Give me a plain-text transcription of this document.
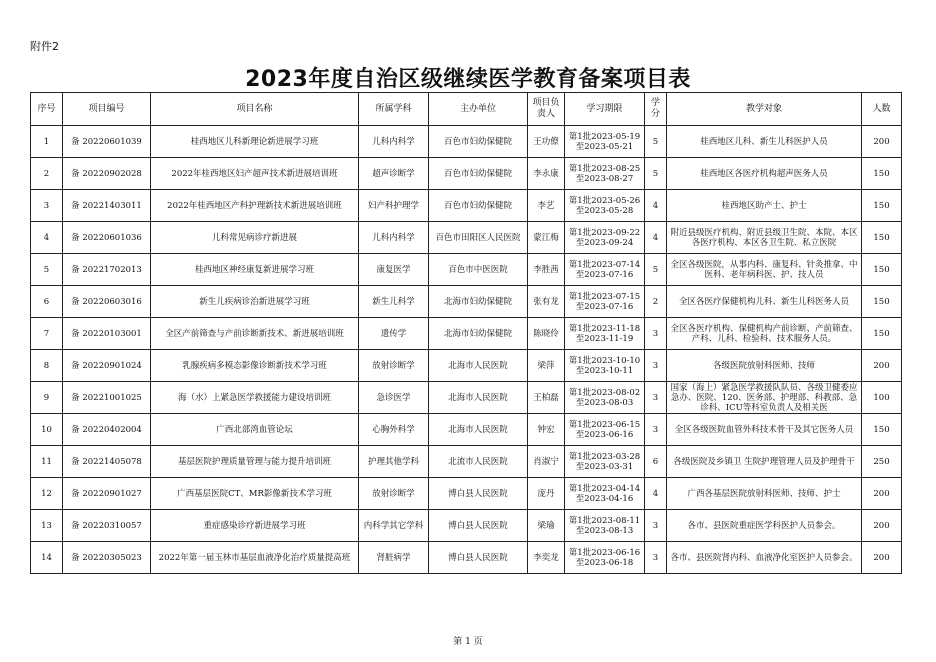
附件2
2023年度自治区级继续医学教育备案项目表
序号	项目编号	项目名称	所属学科	主办单位	项目负责人	学习期限	学分	教学对象	人数
1	备 20220601039	桂西地区儿科新理论新进展学习班	儿科内科学	百色市妇幼保健院	王功僚	第1批2023-05-19至2023-05-21	5	桂西地区儿科、新生儿科医护人员	200
2	备 20220902028	2022年桂西地区妇产超声技术新进展培训班	超声诊断学	百色市妇幼保健院	李永康	第1批2023-08-25至2023-08-27	5	桂西地区各医疗机构超声医务人员	150
3	备 20221403011	2022年桂西地区产科护理新技术新进展培训班	妇产科护理学	百色市妇幼保健院	李艺	第1批2023-05-26至2023-05-28	4	桂西地区助产士、护士	150
4	备 20220601036	儿科常见病诊疗新进展	儿科内科学	百色市田阳区人民医院	蒙江梅	第1批2023-09-22至2023-09-24	4	附近县级医疗机构、附近县级卫生院、本院、本区各医疗机构、本区各卫生院、私立医院	150
5	备 20221702013	桂西地区神经康复新进展学习班	康复医学	百色市中医医院	李胜茜	第1批2023-07-14至2023-07-16	5	全区各级医院，从事内科、康复科、针灸推拿、中医科、老年病科医、护、技人员	150
6	备 20220603016	新生儿疾病诊治新进展学习班	新生儿科学	北海市妇幼保健院	张有龙	第1批2023-07-15至2023-07-16	2	全区各医疗保健机构儿科、新生儿科医务人员	150
7	备 20220103001	全区产前筛查与产前诊断新技术、新进展培训班	遗传学	北海市妇幼保健院	陈晓伶	第1批2023-11-18至2023-11-19	3	全区各医疗机构、保健机构产前诊断、产前筛查、产科、儿科、检验科、技术服务人员。	150
8	备 20220901024	乳腺疾病多模态影像诊断新技术学习班	放射诊断学	北海市人民医院	梁萍	第1批2023-10-10至2023-10-11	3	各级医院放射科医师、技师	200
9	备 20221001025	海（水）上紧急医学救援能力建设培训班	急诊医学	北海市人民医院	王柏磊	第1批2023-08-02至2023-08-03	3	国家（海上）紧急医学救援队队员、各级卫健委应急办、医院、120、医务部、护理部、科教部、急诊科、ICU等科室负责人及相关医	100
10	备 20220402004	广西北部湾血管论坛	心胸外科学	北海市人民医院	钟宏	第1批2023-06-15至2023-06-16	3	全区各级医院血管外科技术骨干及其它医务人员	150
11	备 20221405078	基层医院护理质量管理与能力提升培训班	护理其他学科	北流市人民医院	肖淑宁	第1批2023-03-28至2023-03-31	6	各级医院及乡镇卫 生院护理管理人员及护理骨干	250
12	备 20220901027	广西基层医院CT、MR影像新技术学习班	放射诊断学	博白县人民医院	庞丹	第1批2023-04-14至2023-04-16	4	广西各基层医院放射科医师、技师、护士	200
13	备 20220310057	重症感染诊疗新进展学习班	内科学其它学科	博白县人民医院	梁瑜	第1批2023-08-11至2023-08-13	3	各市、县医院重症医学科医护人员参会。	200
14	备 20220305023	2022年第一届玉林市基层血液净化治疗质量提高班	肾脏病学	博白县人民医院	李奕龙	第1批2023-06-16至2023-06-18	3	各市、县医院肾内科、血液净化室医护人员参会。	200
第 1 页
